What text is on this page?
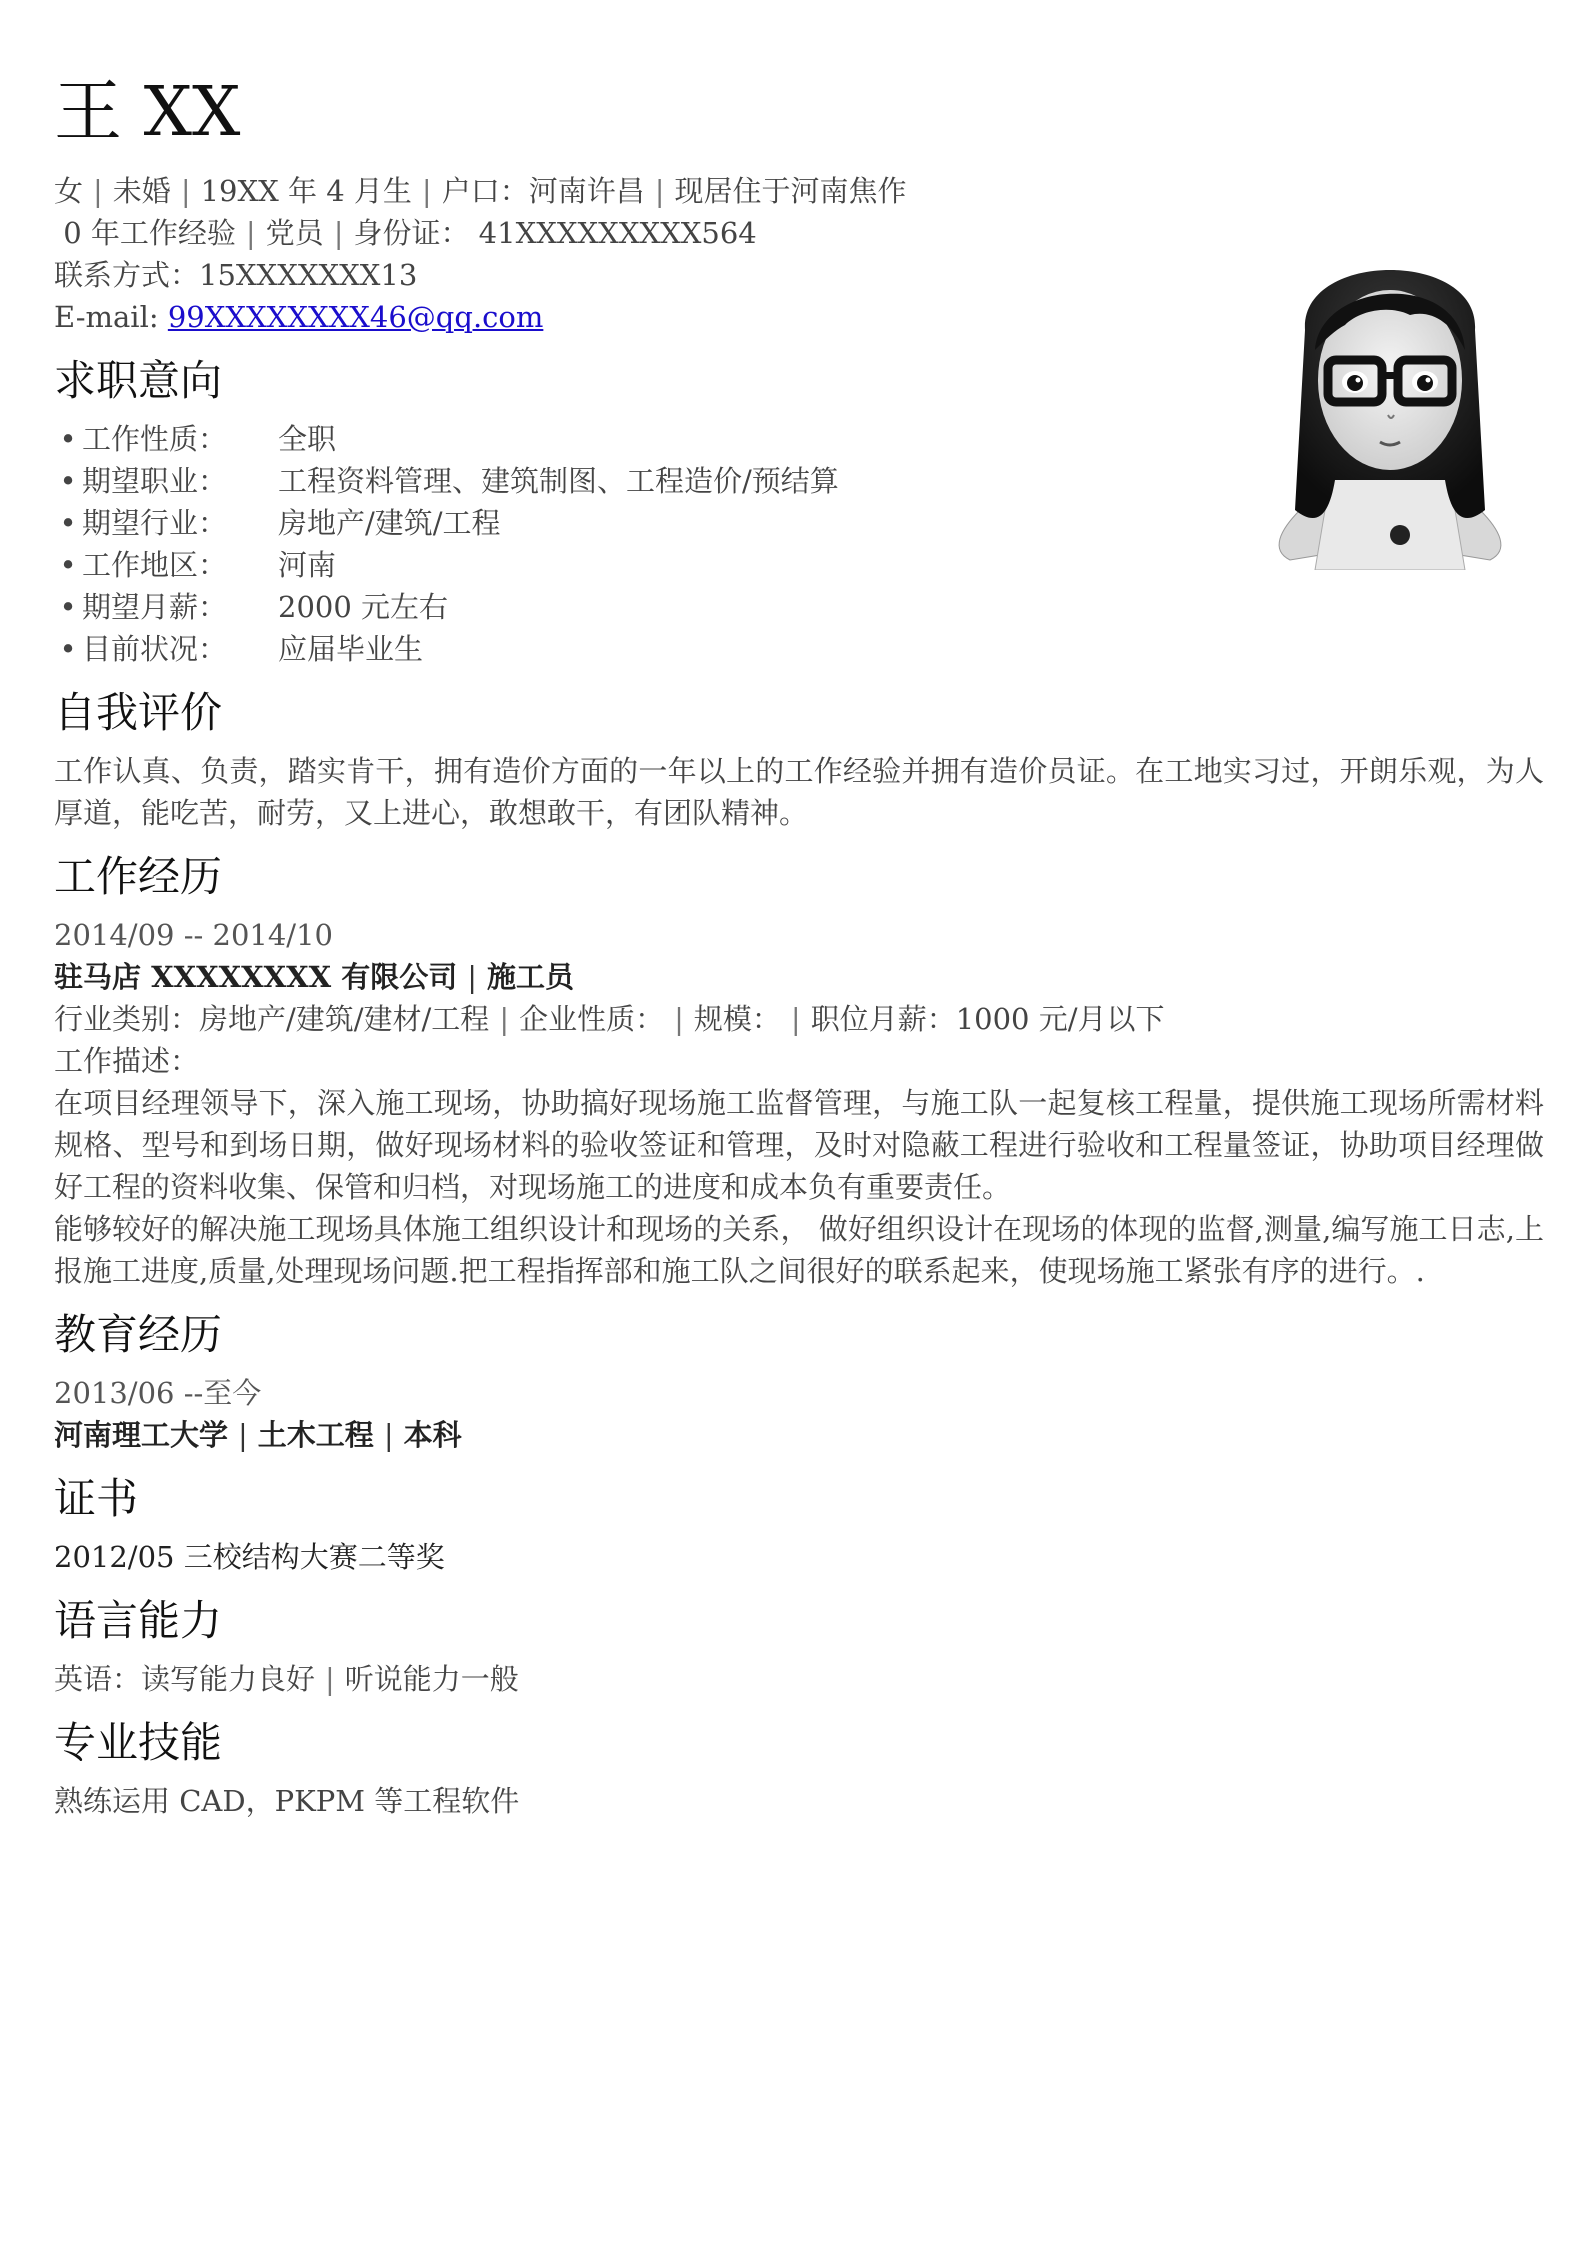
王 XX
女 | 未婚 | 19XX 年 4 月生 | 户口：河南许昌 | 现居住于河南焦作
0 年工作经验 | 党员 | 身份证： 41XXXXXXXXX564
联系方式：15XXXXXXX13
E-mail: 99XXXXXXXX46@qq.com
求职意向
• 工作性质：	全职
• 期望职业：	工程资料管理、建筑制图、工程造价/预结算
• 期望行业：	房地产/建筑/工程
• 工作地区：	河南
• 期望月薪：	2000 元左右
• 目前状况：	应届毕业生
自我评价

工作认真、负责，踏实肯干，拥有造价方面的一年以上的工作经验并拥有造价员证。在工地实习过，开朗乐观，为人厚道，能吃苦，耐劳，又上进心，敢想敢干，有团队精神。

工作经历
2014/09 -- 2014/10
驻马店 XXXXXXXX 有限公司 | 施工员
行业类别：房地产/建筑/建材/工程 | 企业性质： | 规模： | 职位月薪：1000 元/月以下
工作描述：

在项目经理领导下，深入施工现场，协助搞好现场施工监督管理，与施工队一起复核工程量，提供施工现场所需材料规格、型号和到场日期，做好现场材料的验收签证和管理，及时对隐蔽工程进行验收和工程量签证，协助项目经理做好工程的资料收集、保管和归档，对现场施工的进度和成本负有重要责任。

能够较好的解决施工现场具体施工组织设计和现场的关系， 做好组织设计在现场的体现的监督,测量,编写施工日志,上报施工进度,质量,处理现场问题.把工程指挥部和施工队之间很好的联系起来，使现场施工紧张有序的进行。.

教育经历
2013/06 --至今
河南理工大学 | 土木工程 | 本科
证书
2012/05 三校结构大赛二等奖
语言能力
英语：读写能力良好 | 听说能力一般
专业技能
熟练运用 CAD，PKPM 等工程软件
